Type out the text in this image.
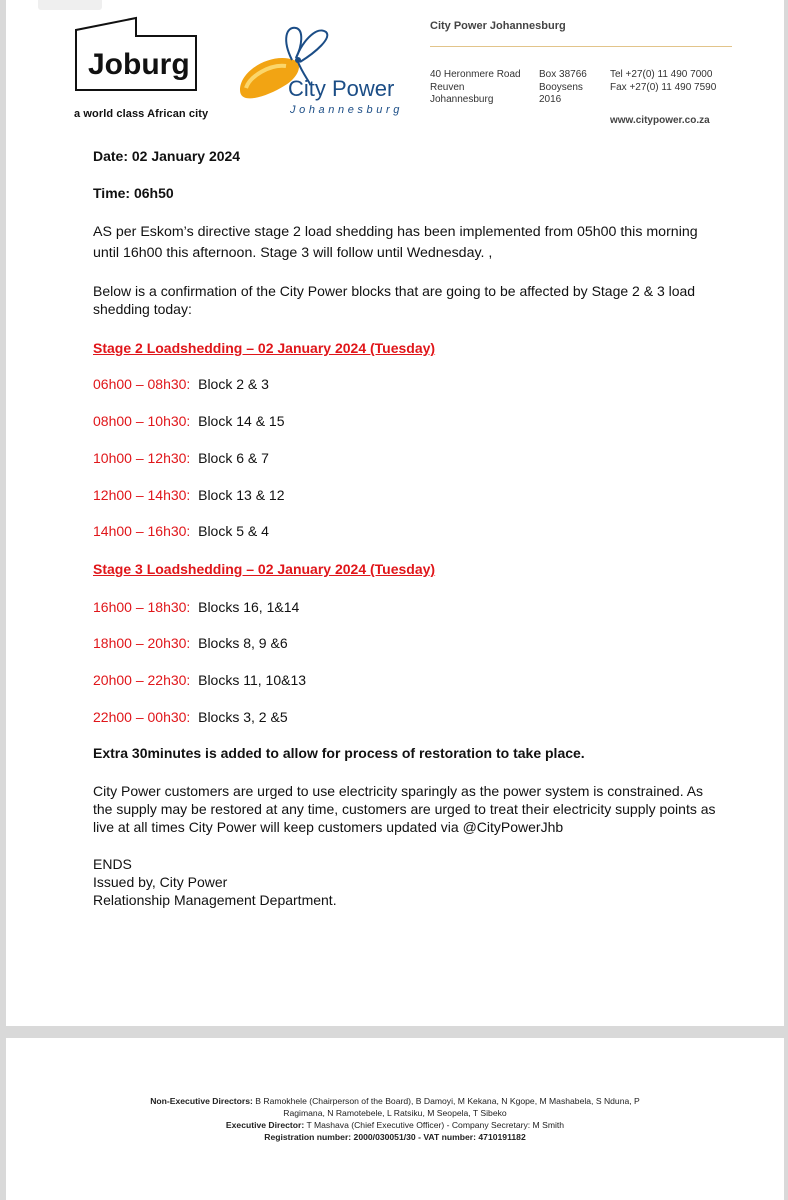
Joburg
a world class African city
City Power
Johannesburg
City Power Johannesburg
40 Heronmere Road
Reuven
Johannesburg
Box 38766
Booysens
2016
Tel +27(0) 11 490 7000
Fax +27(0) 11 490 7590
www.citypower.co.za
Date: 02 January 2024
Time: 06h50
AS per Eskom’s directive stage 2 load shedding has been implemented from 05h00 this morning
until 16h00 this afternoon. Stage 3 will follow until Wednesday. ,
Below is a confirmation of the City Power blocks that are going to be affected by Stage 2 & 3 load
shedding today:
Stage 2 Loadshedding – 02 January 2024 (Tuesday)
06h00 – 08h30: Block 2 & 3
08h00 – 10h30: Block 14 & 15
10h00 – 12h30: Block 6 & 7
12h00 – 14h30: Block 13 & 12
14h00 – 16h30: Block 5 & 4
Stage 3 Loadshedding – 02 January 2024 (Tuesday)
16h00 – 18h30: Blocks 16, 1&14
18h00 – 20h30: Blocks 8, 9 &6
20h00 – 22h30: Blocks 11, 10&13
22h00 – 00h30: Blocks 3, 2 &5
Extra 30minutes is added to allow for process of restoration to take place.
City Power customers are urged to use electricity sparingly as the power system is constrained. As
the supply may be restored at any time, customers are urged to treat their electricity supply points as
live at all times City Power will keep customers updated via @CityPowerJhb
ENDS
Issued by, City Power
Relationship Management Department.
Non-Executive Directors: B Ramokhele (Chairperson of the Board), B Damoyi, M Kekana, N Kgope, M Mashabela, S Nduna, P
Ragimana, N Ramotebele, L Ratsiku, M Seopela, T Sibeko
Executive Director: T Mashava (Chief Executive Officer) - Company Secretary: M Smith
Registration number: 2000/030051/30 - VAT number: 4710191182
